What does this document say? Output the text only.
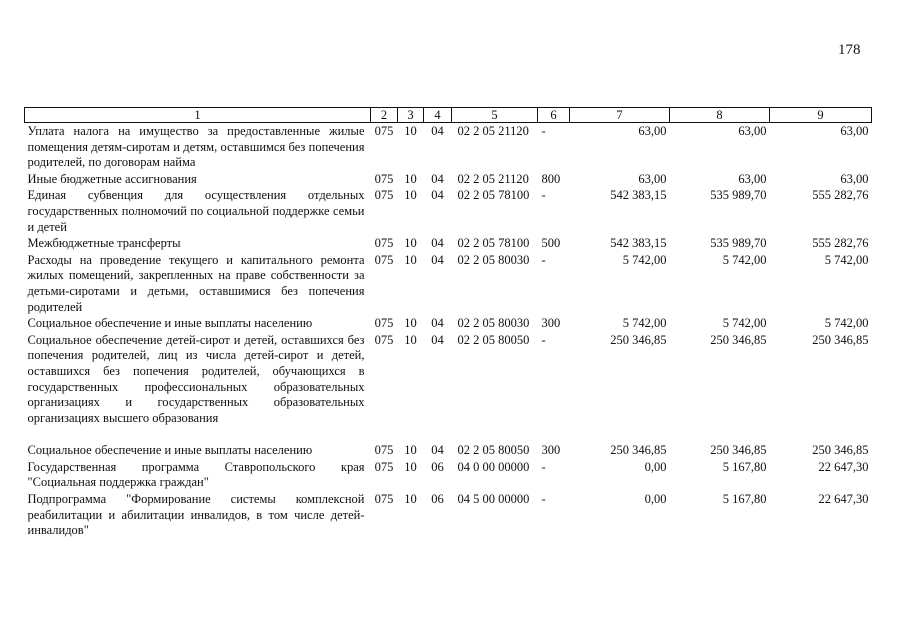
178
1	2	3	4	5	6	7	8	9
Уплата налога на имущество за предоставленные жилые помещения детям-сиротам и детям, оставшимся без попечения родителей, по договорам найма	075	10	04	02 2 05 21120	-	63,00	63,00	63,00
Иные бюджетные ассигнования	075	10	04	02 2 05 21120	800	63,00	63,00	63,00
Единая субвенция для осуществления отдельных государственных полномочий по социальной поддержке семьи и детей	075	10	04	02 2 05 78100	-	542 383,15	535 989,70	555 282,76
Межбюджетные трансферты	075	10	04	02 2 05 78100	500	542 383,15	535 989,70	555 282,76
Расходы на проведение текущего и капитального ремонта жилых помещений, закрепленных на праве собственности за детьми-сиротами и детьми, оставшимися без попечения родителей	075	10	04	02 2 05 80030	-	5 742,00	5 742,00	5 742,00
Социальное обеспечение и иные выплаты населению	075	10	04	02 2 05 80030	300	5 742,00	5 742,00	5 742,00
Социальное обеспечение детей-сирот и детей, оставшихся без попечения родителей, лиц из числа детей-сирот и детей, оставшихся без попечения родителей, обучающихся в государственных профессиональных образовательных организациях и государственных образовательных организациях высшего образования	075	10	04	02 2 05 80050	-	250 346,85	250 346,85	250 346,85
Социальное обеспечение и иные выплаты населению	075	10	04	02 2 05 80050	300	250 346,85	250 346,85	250 346,85
Государственная программа Ставропольского края "Социальная поддержка граждан"	075	10	06	04 0 00 00000	-	0,00	5 167,80	22 647,30
Подпрограмма "Формирование системы комплексной реабилитации и абилитации инвалидов, в том числе детей-инвалидов"	075	10	06	04 5 00 00000	-	0,00	5 167,80	22 647,30
